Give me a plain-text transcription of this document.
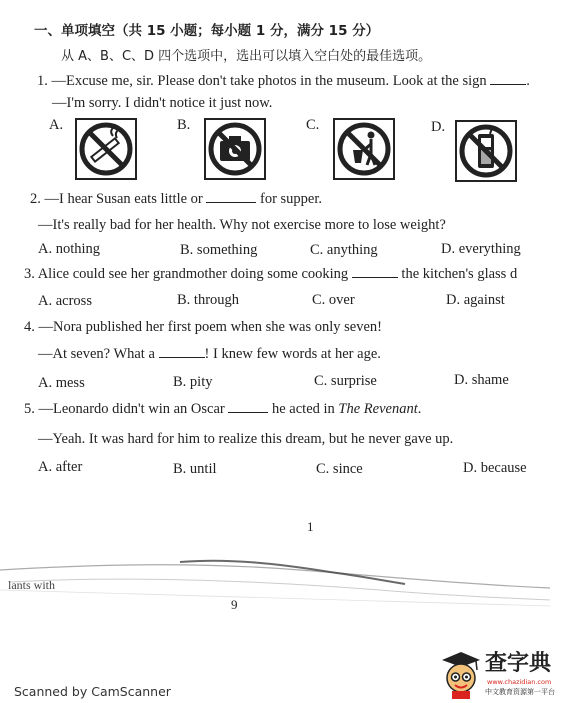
一、单项填空（共 15 小题；每小题 1 分，满分 15 分）
从 A、B、C、D 四个选项中，选出可以填入空白处的最佳选项。
1. —Excuse me, sir. Please don't take photos in the museum. Look at the sign	.
—I'm sorry. I didn't notice it just now.
A.	B.	C.	D.
2. —I hear Susan eats little or	for supper.
—It's really bad for her health. Why not exercise more to lose weight?
A. nothing	B. something	C. anything	D. everything
3. Alice could see her grandmother doing some cooking	the kitchen's glass d
A. across	B. through	C. over	D. against
4. —Nora published her first poem when she was only seven!
—At seven? What a	! I knew few words at her age.
A. mess	B. pity	C. surprise	D. shame
5. —Leonardo didn't win an Oscar	he acted in The Revenant.
—Yeah. It was hard for him to realize this dream, but he never gave up.
A. after	B. until	C. since	D. because
1
lants with
9
Scanned by CamScanner
查字典
www.chazidian.com
中文教育资源第一平台
